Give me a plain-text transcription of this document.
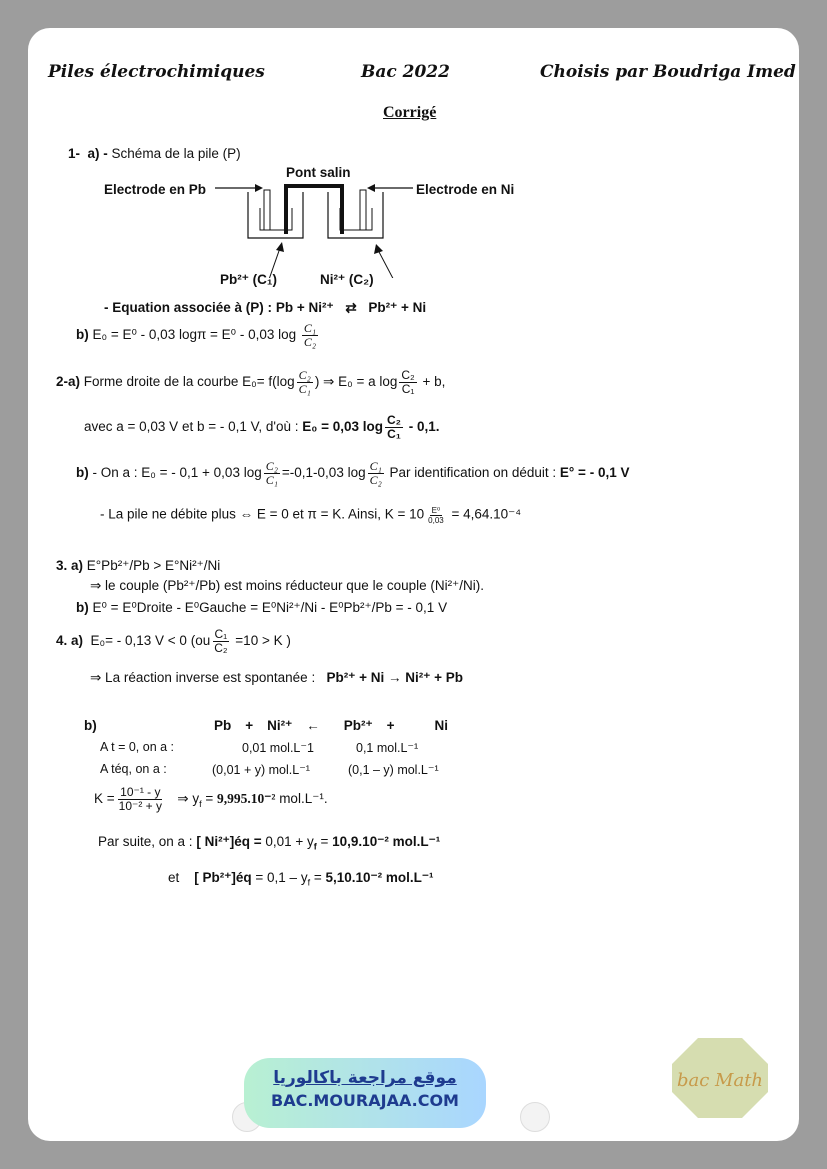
Piles électrochimiques	Bac 2022	Choisis par Boudriga Imed
Corrigé
1- a) - Schéma de la pile (P)
Pont salin
Electrode en Pb	Electrode en Ni
Pb²⁺ (C₁)	Ni²⁺ (C₂)
- Equation associée à (P) : Pb + Ni²⁺ ⇄ Pb²⁺ + Ni
b) E₀ = E⁰ - 0,03 logπ = E⁰ - 0,03 $\log \frac{\text{C₁}}{\text{C₂}}$
2-a) Forme droite de la courbe $E_0= f(\log \frac{\text{C₂}}{\text{C₁}}$ ) ⇒ E₀ = a $\log \frac{\text{C₂}}{\text{C₁}} + b$,
avec a = 0,03 V et b = - 0,1 V, d'où : E₀ = 0,03 $\log \frac{\text{C₂}}{\text{C₁}} - 0,1$.
b) - On a : E₀ = - 0,1 + 0,03 $\log \frac{\text{C₂}}{\text{C₁}} =-0,1-0,03$ $\log \frac{\text{C₁}}{\text{C₂}}$ Par identification on déduit : E° = - 0,1 V
- La pile ne débite plus ⇔ E = 0 et π = K. Ainsi, $K = 10 \frac{\text{E⁰}}{0,03} = 4,64.10^{-4}$
3. a) E°Pb²⁺/Pb > E°Ni²⁺/Ni
⇒ le couple (Pb²⁺/Pb) est moins réducteur que le couple (Ni²⁺/Ni).
b) E⁰ = E⁰Droite - E⁰Gauche = E⁰Ni²⁺/Ni - E⁰Pb²⁺/Pb = - 0,1 V
4. a) E₀= - 0,13 V < 0 ($ou \frac{\text{C₁}}{\text{C₂}} =10 > K$ )
⇒ La réaction inverse est spontanée : Pb²⁺ + Ni → Ni²⁺ + Pb
b)	Pb + Ni²⁺ ← Pb²⁺ +	Ni
A t = 0, on a :	0,01 mol.L⁻1	0,1 mol.L⁻¹
A téq, on a :	(0,01 + y) mol.L⁻¹	(0,1 – y) mol.L⁻¹
$K = \frac{\text{10⁻¹ - y}}{\text{10⁻² + y}}$ ⇒ $y_f = 9,995.10^{-2}$ mol.L⁻¹.
Par suite, on a : [ Ni²⁺]éq = $0,01 + y_f = 10,9.10^{-2}$ mol.L⁻¹
et [ Pb²⁺]éq = $0,1 - y_f = 5,10.10^{-2}$ mol.L⁻¹
موقع مراجعة باكالوريا
BAC.MOURAJAA.COM
bac Math
